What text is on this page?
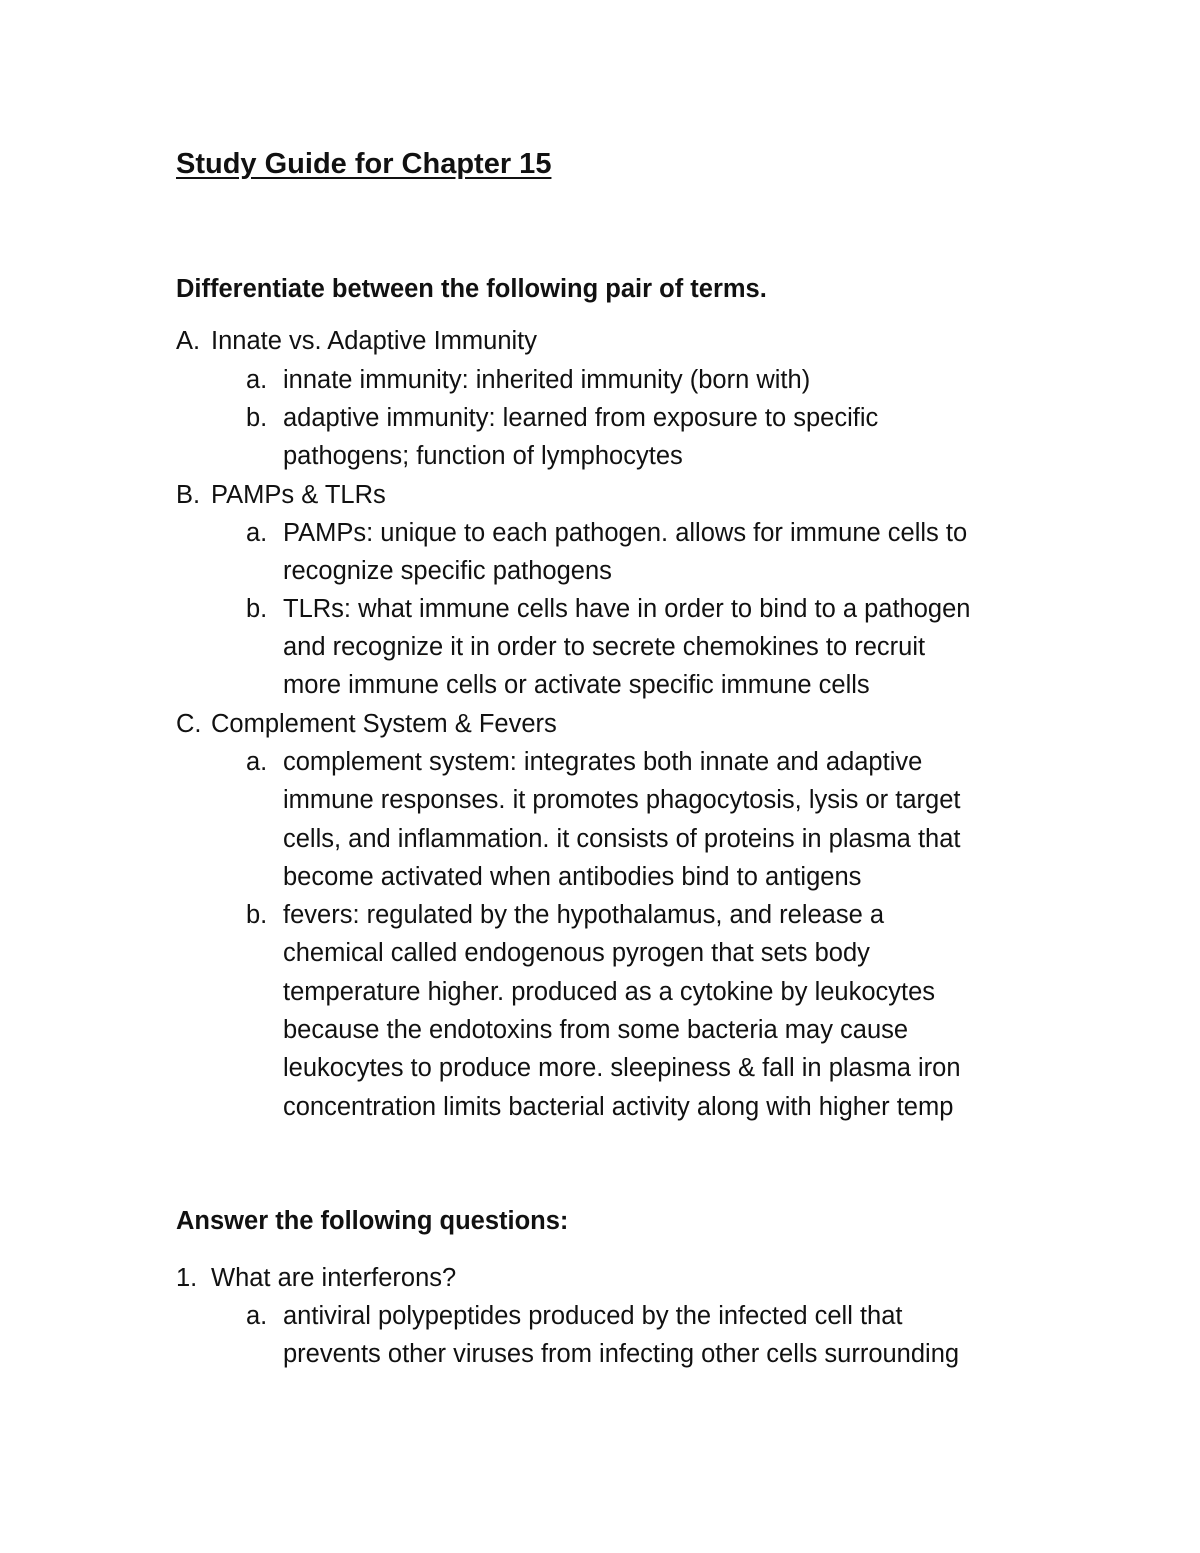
Study Guide for Chapter 15
Differentiate between the following pair of terms.
A. Innate vs. Adaptive Immunity
a. innate immunity: inherited immunity (born with)
b. adaptive immunity: learned from exposure to specific
pathogens; function of lymphocytes
B. PAMPs & TLRs
a. PAMPs: unique to each pathogen. allows for immune cells to
recognize specific pathogens
b. TLRs: what immune cells have in order to bind to a pathogen
and recognize it in order to secrete chemokines to recruit
more immune cells or activate specific immune cells
C. Complement System & Fevers
a. complement system: integrates both innate and adaptive
immune responses. it promotes phagocytosis, lysis or target
cells, and inflammation. it consists of proteins in plasma that
become activated when antibodies bind to antigens
b. fevers: regulated by the hypothalamus, and release a
chemical called endogenous pyrogen that sets body
temperature higher. produced as a cytokine by leukocytes
because the endotoxins from some bacteria may cause
leukocytes to produce more. sleepiness & fall in plasma iron
concentration limits bacterial activity along with higher temp
Answer the following questions:
1. What are interferons?
a. antiviral polypeptides produced by the infected cell that
prevents other viruses from infecting other cells surrounding
